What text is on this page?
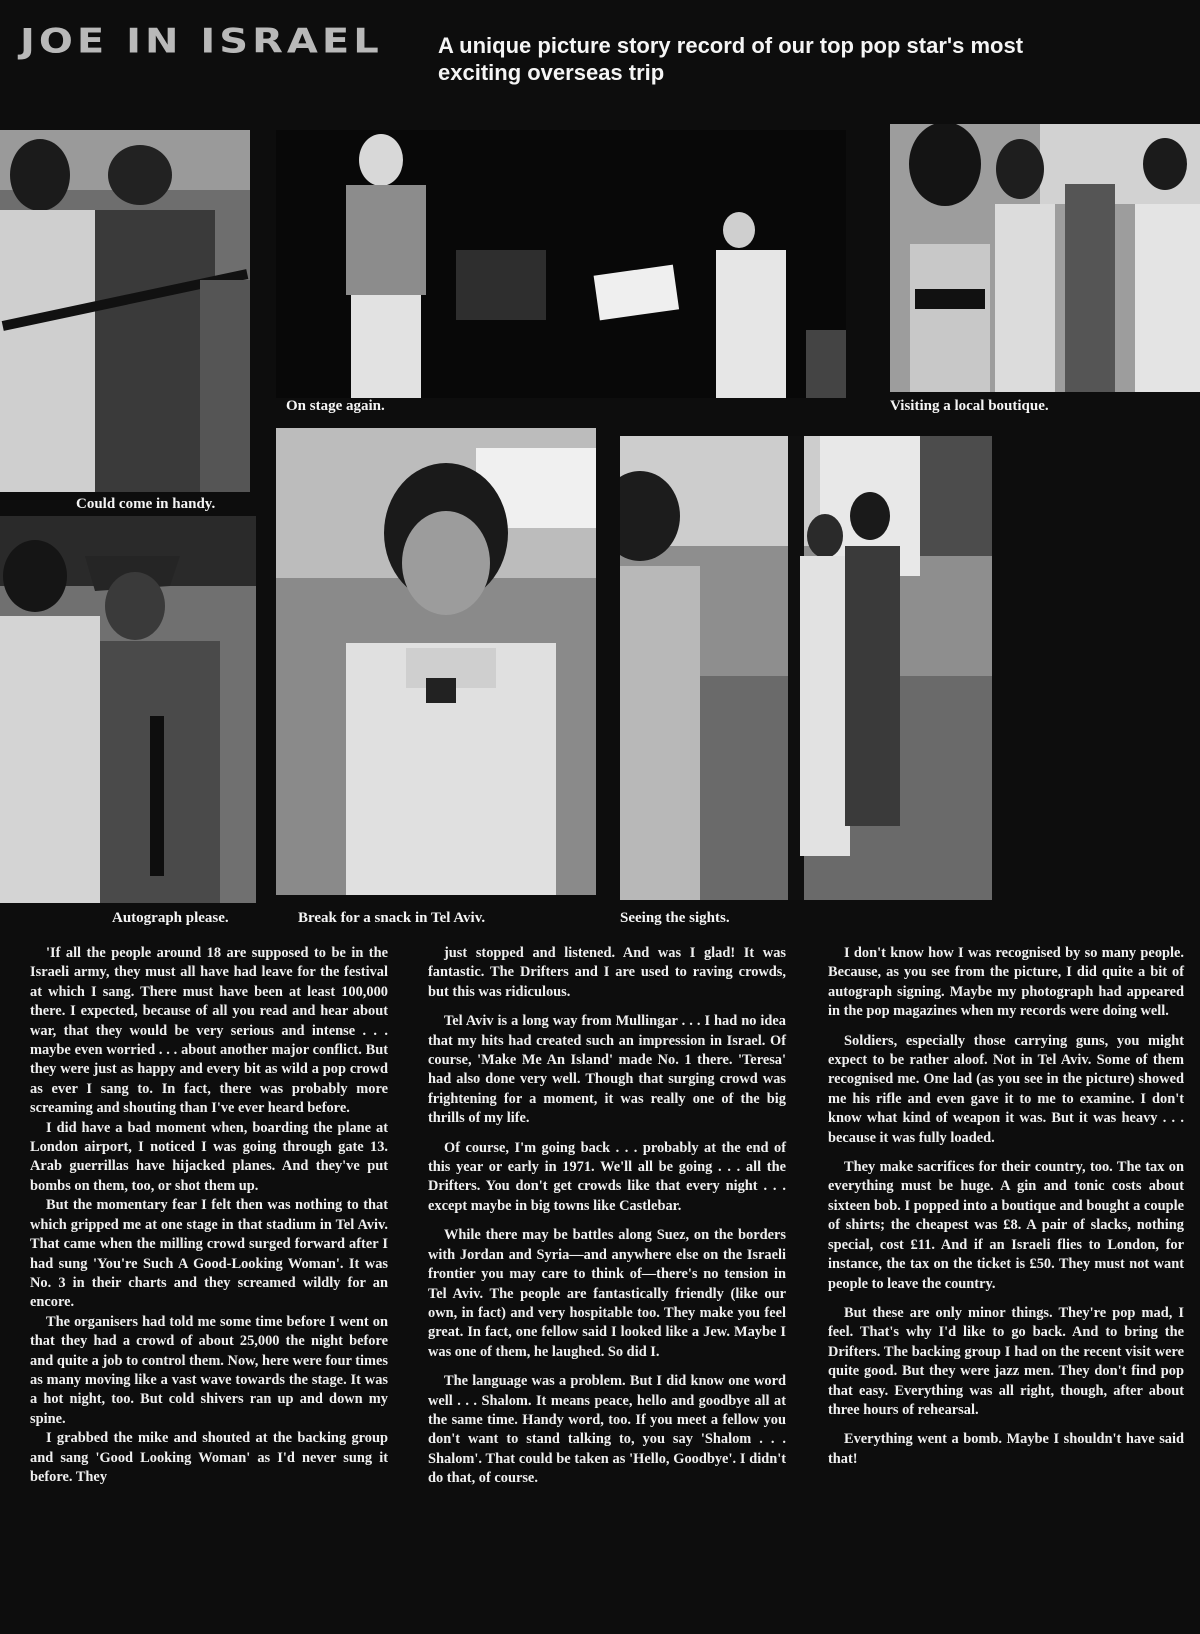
JOE IN ISRAEL	A unique picture story record of our top pop star's most exciting overseas trip
Could come in handy.
On stage again.	Visiting a local boutique.
Autograph please.	Break for a snack in Tel Aviv.	Seeing the sights.

'If all the people around 18 are supposed to be in the Israeli army, they must all have had leave for the festival at which I sang. There must have been at least 100,000 there. I expected, because of all you read and hear about war, that they would be very serious and intense . . . maybe even worried . . . about another major conflict. But they were just as happy and every bit as wild a pop crowd as ever I sang to. In fact, there was probably more screaming and shouting than I've ever heard before.

I did have a bad moment when, boarding the plane at London airport, I noticed I was going through gate 13. Arab guerrillas have hijacked planes. And they've put bombs on them, too, or shot them up.

But the momentary fear I felt then was nothing to that which gripped me at one stage in that stadium in Tel Aviv. That came when the milling crowd surged forward after I had sung 'You're Such A Good-Looking Woman'. It was No. 3 in their charts and they screamed wildly for an encore.

The organisers had told me some time before I went on that they had a crowd of about 25,000 the night before and quite a job to control them. Now, here were four times as many moving like a vast wave towards the stage. It was a hot night, too. But cold shivers ran up and down my spine.

I grabbed the mike and shouted at the backing group and sang 'Good Looking Woman' as I'd never sung it before. They

just stopped and listened. And was I glad! It was fantastic. The Drifters and I are used to raving crowds, but this was ridiculous.

Tel Aviv is a long way from Mullingar . . . I had no idea that my hits had created such an impression in Israel. Of course, 'Make Me An Island' made No. 1 there. 'Teresa' had also done very well. Though that surging crowd was frightening for a moment, it was really one of the big thrills of my life.

Of course, I'm going back . . . probably at the end of this year or early in 1971. We'll all be going . . . all the Drifters. You don't get crowds like that every night . . . except maybe in big towns like Castlebar.

While there may be battles along Suez, on the borders with Jordan and Syria—and anywhere else on the Israeli frontier you may care to think of—there's no tension in Tel Aviv. The people are fantastically friendly (like our own, in fact) and very hospitable too. They make you feel great. In fact, one fellow said I looked like a Jew. Maybe I was one of them, he laughed. So did I.

The language was a problem. But I did know one word well . . . Shalom. It means peace, hello and goodbye all at the same time. Handy word, too. If you meet a fellow you don't want to stand talking to, you say 'Shalom . . . Shalom'. That could be taken as 'Hello, Goodbye'. I didn't do that, of course.

I don't know how I was recognised by so many people. Because, as you see from the picture, I did quite a bit of autograph signing. Maybe my photograph had appeared in the pop magazines when my records were doing well.

Soldiers, especially those carrying guns, you might expect to be rather aloof. Not in Tel Aviv. Some of them recognised me. One lad (as you see in the picture) showed me his rifle and even gave it to me to examine. I don't know what kind of weapon it was. But it was heavy . . . because it was fully loaded.

They make sacrifices for their country, too. The tax on everything must be huge. A gin and tonic costs about sixteen bob. I popped into a boutique and bought a couple of shirts; the cheapest was £8. A pair of slacks, nothing special, cost £11. And if an Israeli flies to London, for instance, the tax on the ticket is £50. They must not want people to leave the country.

But these are only minor things. They're pop mad, I feel. That's why I'd like to go back. And to bring the Drifters. The backing group I had on the recent visit were quite good. But they were jazz men. They don't find pop that easy. Everything was all right, though, after about three hours of rehearsal.

Everything went a bomb. Maybe I shouldn't have said that!
